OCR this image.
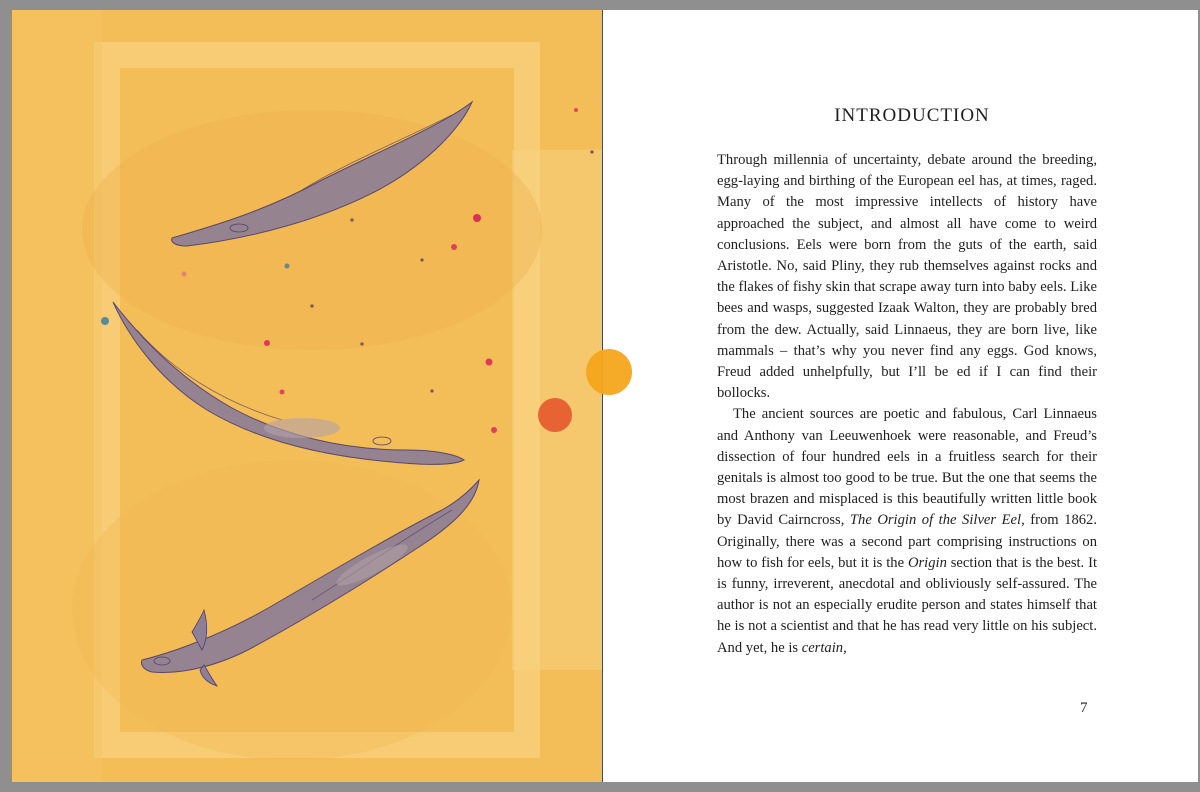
INTRODUCTION

Through millennia of uncertainty, debate around the breeding, egg-laying and birthing of the European eel has, at times, raged. Many of the most impressive intellects of history have approached the subject, and almost all have come to weird conclusions. Eels were born from the guts of the earth, said Aristotle. No, said Pliny, they rub themselves against rocks and the flakes of fishy skin that scrape away turn into baby eels. Like bees and wasps, suggested Izaak Walton, they are probably bred from the dew. Actually, said Linnaeus, they are born live, like mammals – that’s why you never find any eggs. God knows, Freud added unhelpfully, but I’ll be ed if I can find their bollocks.

The ancient sources are poetic and fabulous, Carl Linnaeus and Anthony van Leeuwenhoek were reasonable, and Freud’s dissection of four hundred eels in a fruitless search for their genitals is almost too good to be true. But the one that seems the most brazen and misplaced is this beautifully written little book by David Cairncross, The Origin of the Silver Eel, from 1862. Originally, there was a second part comprising instructions on how to fish for eels, but it is the Origin section that is the best. It is funny, irreverent, anecdotal and obliviously self-assured. The author is not an especially erudite person and states himself that he is not a scientist and that he has read very little on his subject. And yet, he is certain,

7
